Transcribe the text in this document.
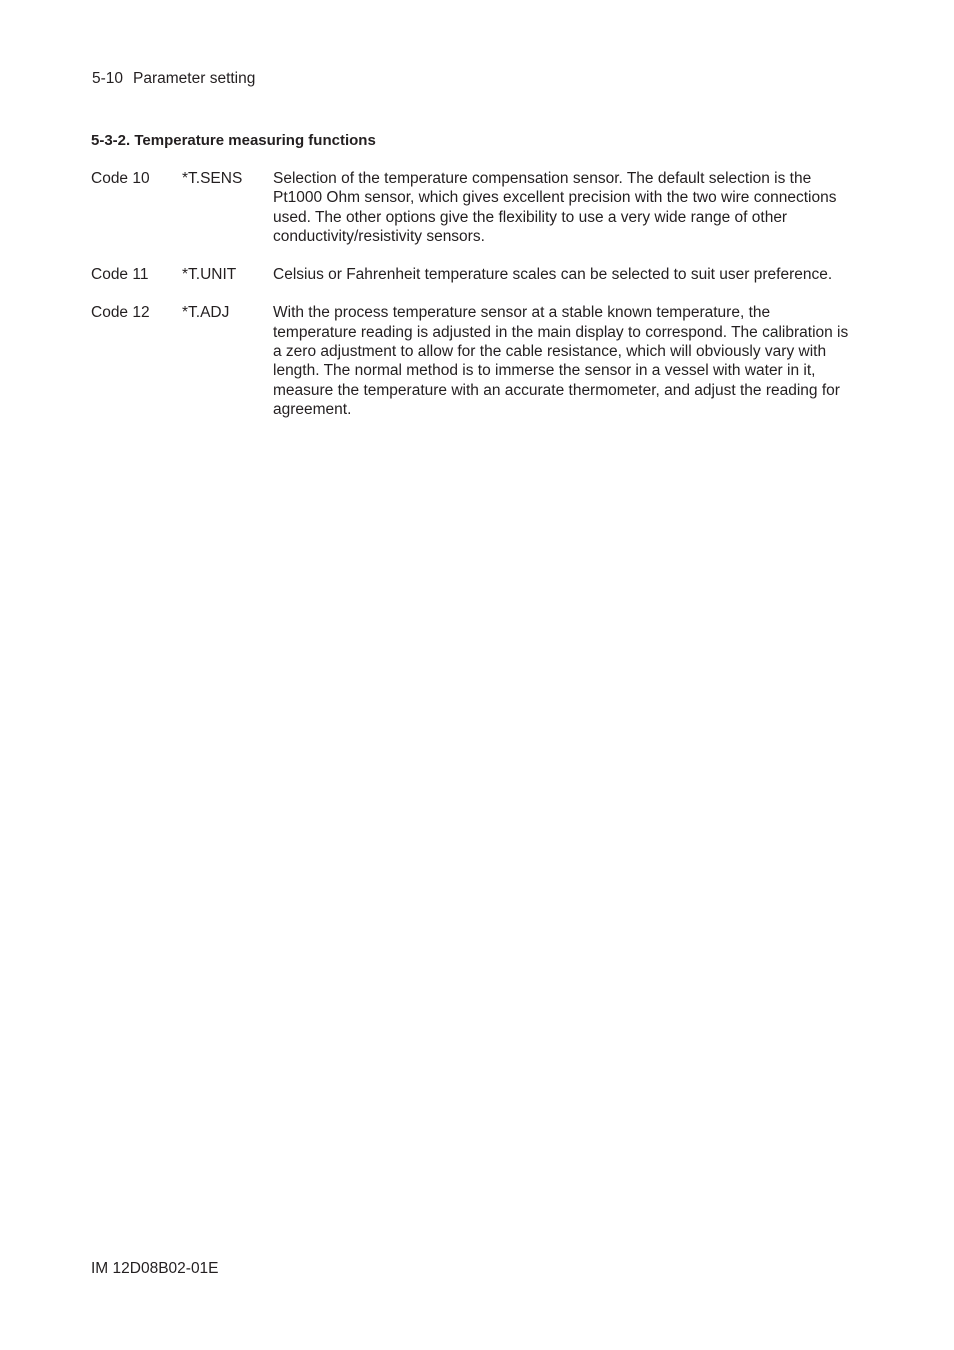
5-10 Parameter setting
5-3-2. Temperature measuring functions
Code 10	*T.SENS	Selection of the temperature compensation sensor. The default selection is the Pt1000 Ohm sensor, which gives excellent precision with the two wire connections used. The other options give the flexibility to use a very wide range of other conductivity/resistivity sensors.
Code 11	*T.UNIT	Celsius or Fahrenheit temperature scales can be selected to suit user preference.
Code 12	*T.ADJ	With the process temperature sensor at a stable known temperature, the temperature reading is adjusted in the main display to correspond. The calibration is a zero adjustment to allow for the cable resistance, which will obviously vary with length. The normal method is to immerse the sensor in a vessel with water in it, measure the temperature with an accurate thermometer, and adjust the reading for agreement.
IM 12D08B02-01E
